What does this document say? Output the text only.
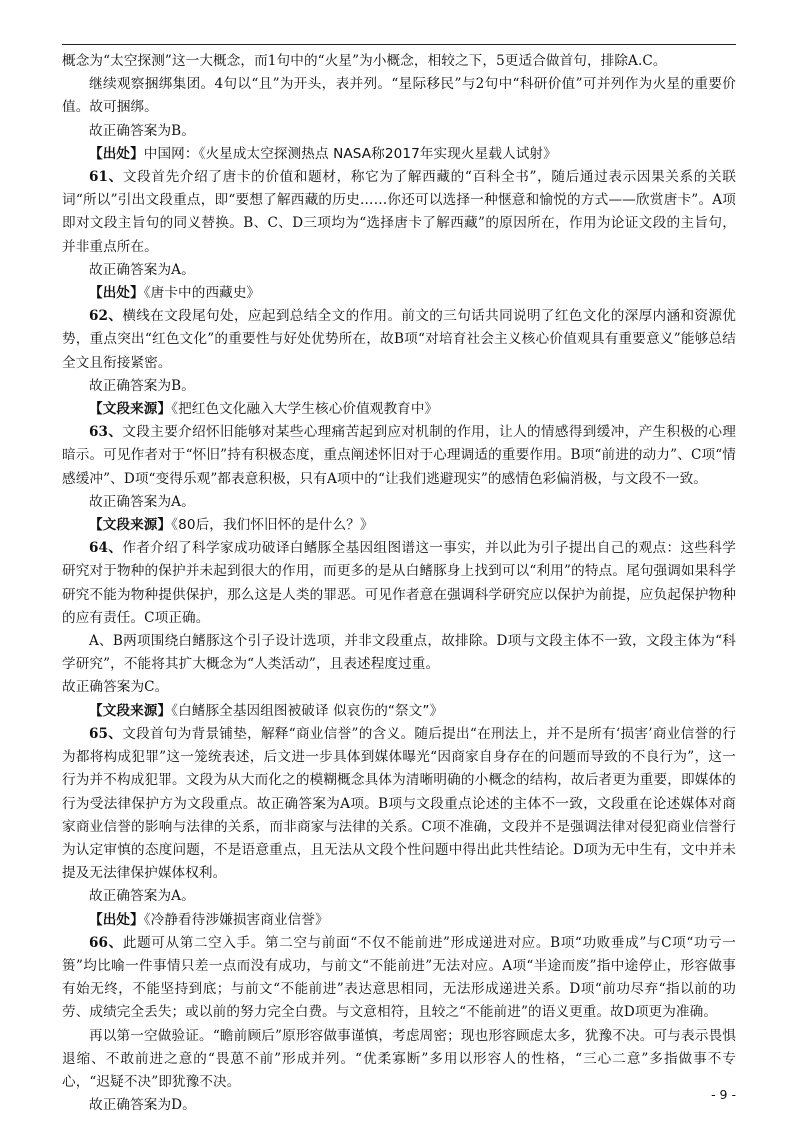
概念为“太空探测”这一大概念，而1句中的“火星”为小概念，相较之下，5更适合做首句，排除A.C。

继续观察捆绑集团。4句以“且”为开头，表并列。“星际移民”与2句中“科研价值”可并列作为火星的重要价值。故可捆绑。

故正确答案为B。

【出处】中国网：《火星成太空探测热点 NASA称2017年实现火星载人试射》

61、文段首先介绍了唐卡的价值和题材，称它为了解西藏的“百科全书”，随后通过表示因果关系的关联词“所以”引出文段重点，即“要想了解西藏的历史……你还可以选择一种惬意和愉悦的方式——欣赏唐卡”。A项即对文段主旨句的同义替换。B、C、D三项均为“选择唐卡了解西藏”的原因所在，作用为论证文段的主旨句，并非重点所在。

故正确答案为A。

【出处】《唐卡中的西藏史》

62、横线在文段尾句处，应起到总结全文的作用。前文的三句话共同说明了红色文化的深厚内涵和资源优势，重点突出“红色文化”的重要性与好处优势所在，故B项“对培育社会主义核心价值观具有重要意义”能够总结全文且衔接紧密。

故正确答案为B。

【文段来源】《把红色文化融入大学生核心价值观教育中》

63、文段主要介绍怀旧能够对某些心理痛苦起到应对机制的作用，让人的情感得到缓冲，产生积极的心理暗示。可见作者对于“怀旧”持有积极态度，重点阐述怀旧对于心理调适的重要作用。B项“前进的动力”、C项“情感缓冲”、D项“变得乐观”都表意积极，只有A项中的“让我们逃避现实”的感情色彩偏消极，与文段不一致。

故正确答案为A。

【文段来源】《80后，我们怀旧怀的是什么？》

64、作者介绍了科学家成功破译白鳍豚全基因组图谱这一事实，并以此为引子提出自己的观点：这些科学研究对于物种的保护并未起到很大的作用，而更多的是从白鳍豚身上找到可以“利用”的特点。尾句强调如果科学研究不能为物种提供保护，那么这是人类的罪恶。可见作者意在强调科学研究应以保护为前提，应负起保护物种的应有责任。C项正确。

A、B两项围绕白鳍豚这个引子设计选项，并非文段重点，故排除。D项与文段主体不一致，文段主体为“科学研究”，不能将其扩大概念为“人类活动”，且表述程度过重。

故正确答案为C。

【文段来源】《白鳍豚全基因组图被破译 似哀伤的“祭文”》

65、文段首句为背景铺垫，解释“商业信誉”的含义。随后提出“在刑法上，并不是所有‘损害’商业信誉的行为都将构成犯罪”这一笼统表述，后文进一步具体到媒体曝光“因商家自身存在的问题而导致的不良行为”，这一行为并不构成犯罪。文段为从大而化之的模糊概念具体为清晰明确的小概念的结构，故后者更为重要，即媒体的行为受法律保护方为文段重点。故正确答案为A项。B项与文段重点论述的主体不一致，文段重在论述媒体对商家商业信誉的影响与法律的关系，而非商家与法律的关系。C项不准确，文段并不是强调法律对侵犯商业信誉行为认定审慎的态度问题，不是语意重点，且无法从文段个性问题中得出此共性结论。D项为无中生有，文中并未提及无法律保护媒体权利。

故正确答案为A。

【出处】《冷静看待涉嫌损害商业信誉》

66、此题可从第二空入手。第二空与前面“不仅不能前进”形成递进对应。B项“功败垂成”与C项“功亏一篑”均比喻一件事情只差一点而没有成功，与前文“不能前进”无法对应。A项“半途而废”指中途停止，形容做事有始无终，不能坚持到底；与前文“不能前进”表达意思相同，无法形成递进关系。D项“前功尽弃“指以前的功劳、成绩完全丢失；或以前的努力完全白费。与文意相符，且较之“不能前进”的语义更重。故D项更为准确。

再以第一空做验证。“瞻前顾后”原形容做事谨慎，考虑周密；现也形容顾虑太多，犹豫不决。可与表示畏惧退缩、不敢前进之意的“畏葸不前”形成并列。“优柔寡断”多用以形容人的性格，“三心二意”多指做事不专心，“迟疑不决”即犹豫不决。

故正确答案为D。

- 9 -
